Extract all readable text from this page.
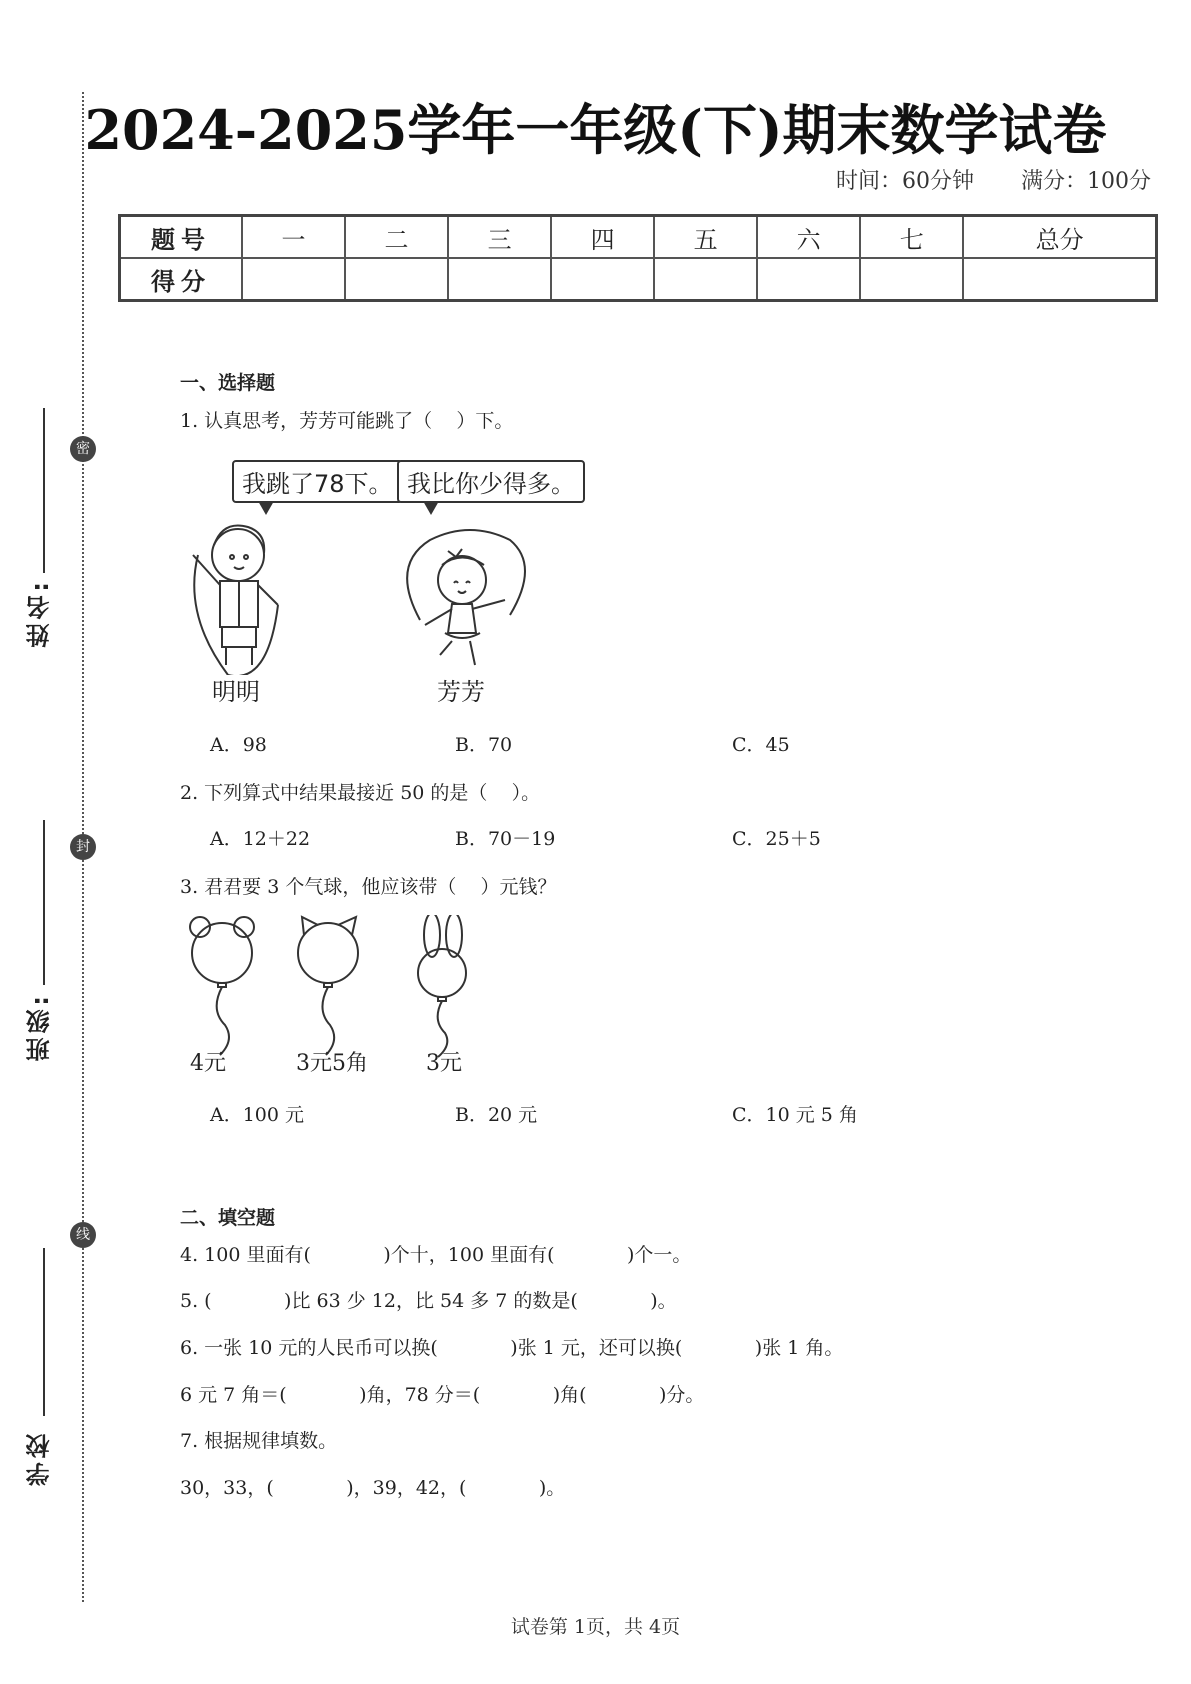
密
封
线
姓名:
班级:
学校
2024-2025学年一年级(下)期末数学试卷
时间：60分钟 满分：100分
题号	一	二	三	四	五	六	七	总分
得分								
一、选择题
1. 认真思考，芳芳可能跳了（    ）下。
我跳了78下。 我比你少得多。
明明	芳芳
A．98	B．70	C．45
2. 下列算式中结果最接近 50 的是（    ）。
A．12＋22	B．70－19	C．25＋5
3. 君君要 3 个气球，他应该带（    ）元钱？
4元	3元5角	3元
A．100 元	B．20 元	C．10 元 5 角
二、填空题
4. 100 里面有(            )个十，100 里面有(            )个一。
5. (            )比 63 少 12，比 54 多 7 的数是(            )。
6. 一张 10 元的人民币可以换(            )张 1 元，还可以换(            )张 1 角。
6 元 7 角＝(            )角，78 分＝(            )角(            )分。
7. 根据规律填数。
30，33，(            )，39，42，(            )。
试卷第 1页，共 4页
